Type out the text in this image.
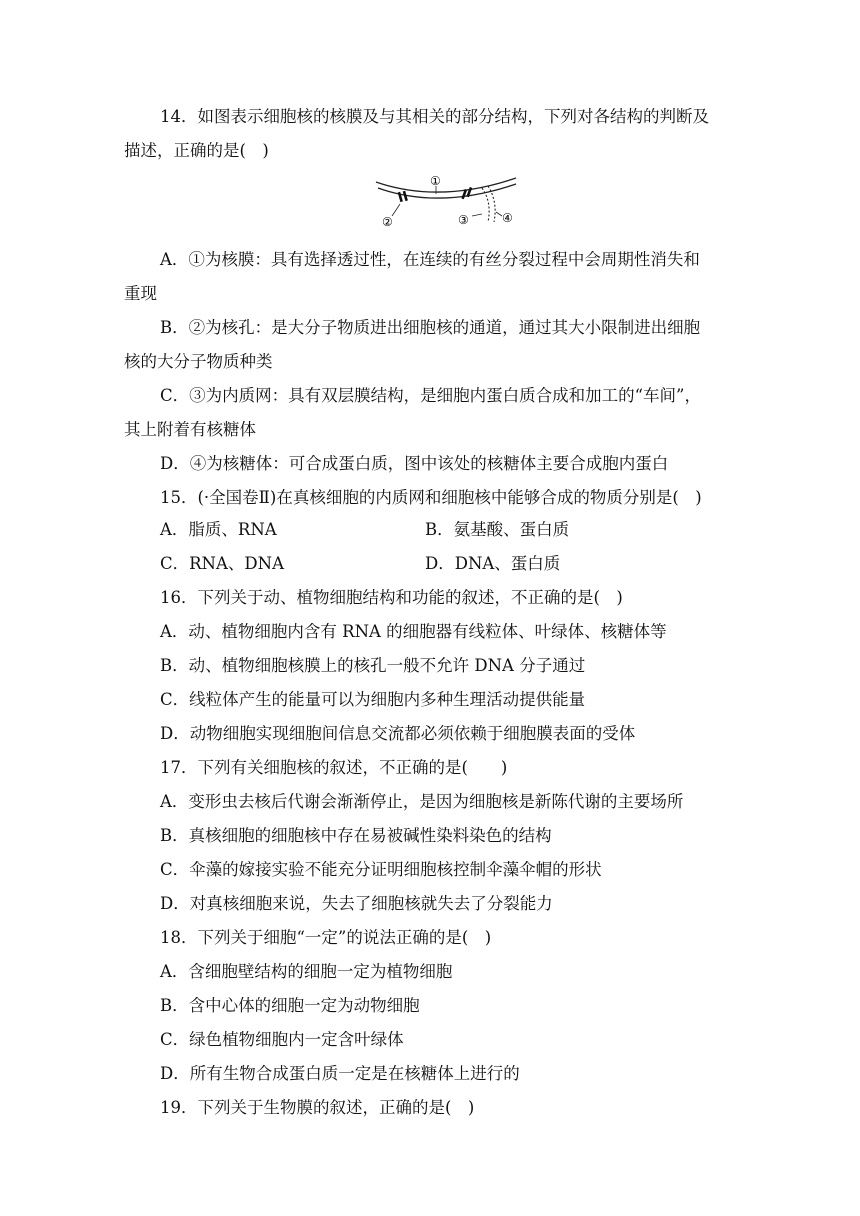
14．如图表示细胞核的核膜及与其相关的部分结构，下列对各结构的判断及
描述，正确的是(　)
①
②	③	④
A．①为核膜：具有选择透过性，在连续的有丝分裂过程中会周期性消失和
重现
B．②为核孔：是大分子物质进出细胞核的通道，通过其大小限制进出细胞
核的大分子物质种类
C．③为内质网：具有双层膜结构，是细胞内蛋白质合成和加工的“车间”，
其上附着有核糖体
D．④为核糖体：可合成蛋白质，图中该处的核糖体主要合成胞内蛋白
15．(·全国卷Ⅱ)在真核细胞的内质网和细胞核中能够合成的物质分别是(　)
A．脂质、RNA	B．氨基酸、蛋白质
C．RNA、DNA	D．DNA、蛋白质
16．下列关于动、植物细胞结构和功能的叙述，不正确的是(　)
A．动、植物细胞内含有 RNA 的细胞器有线粒体、叶绿体、核糖体等
B．动、植物细胞核膜上的核孔一般不允许 DNA 分子通过
C．线粒体产生的能量可以为细胞内多种生理活动提供能量
D．动物细胞实现细胞间信息交流都必须依赖于细胞膜表面的受体
17．下列有关细胞核的叙述，不正确的是(　　)
A．变形虫去核后代谢会渐渐停止，是因为细胞核是新陈代谢的主要场所
B．真核细胞的细胞核中存在易被碱性染料染色的结构
C．伞藻的嫁接实验不能充分证明细胞核控制伞藻伞帽的形状
D．对真核细胞来说，失去了细胞核就失去了分裂能力
18．下列关于细胞“一定”的说法正确的是(　)
A．含细胞壁结构的细胞一定为植物细胞
B．含中心体的细胞一定为动物细胞
C．绿色植物细胞内一定含叶绿体
D．所有生物合成蛋白质一定是在核糖体上进行的
19．下列关于生物膜的叙述，正确的是(　)
